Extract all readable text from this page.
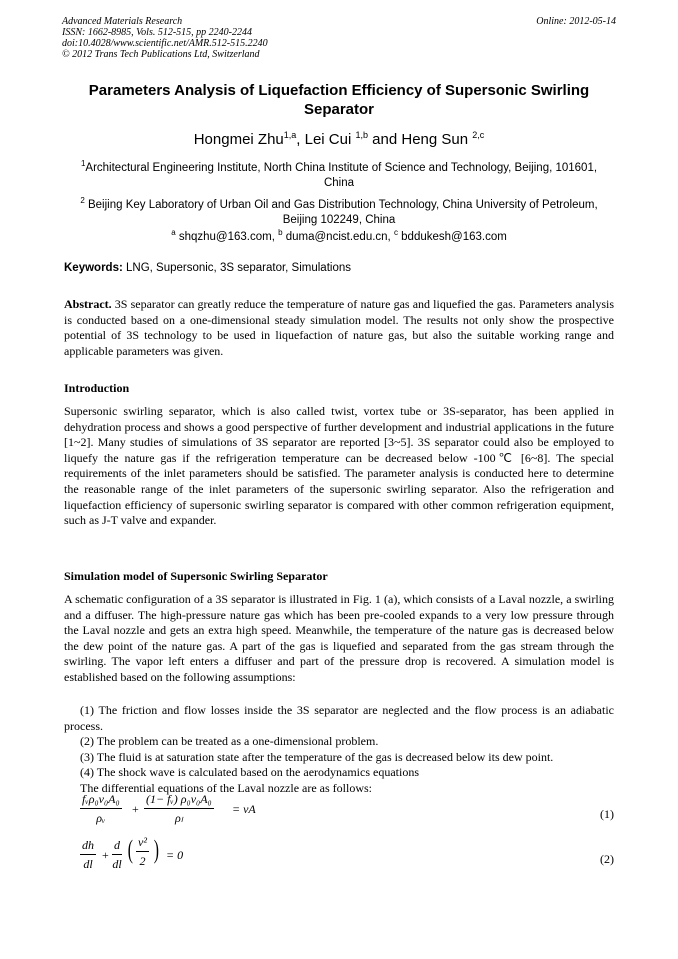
Advanced Materials Research
ISSN: 1662-8985, Vols. 512-515, pp 2240-2244
doi:10.4028/www.scientific.net/AMR.512-515.2240
© 2012 Trans Tech Publications Ltd, Switzerland
Online: 2012-05-14
Parameters Analysis of Liquefaction Efficiency of Supersonic Swirling Separator
Hongmei Zhu$^{1,a}$, Lei Cui $^{1,b}$ and Heng Sun $^{2,c}$
$^1$Architectural Engineering Institute, North China Institute of Science and Technology, Beijing, 101601, China
$^2$ Beijing Key Laboratory of Urban Oil and Gas Distribution Technology, China University of Petroleum, Beijing 102249, China
$^a$ shqzhu@163.com, $^b$ duma@ncist.edu.cn, $^c$ bddukesh@163.com
Keywords: LNG, Supersonic, 3S separator, Simulations
Abstract. 3S separator can greatly reduce the temperature of nature gas and liquefied the gas. Parameters analysis is conducted based on a one-dimensional steady simulation model. The results not only show the prospective potential of 3S technology to be used in liquefaction of nature gas, but also the suitable working range and applicable parameters was given.
Introduction
Supersonic swirling separator, which is also called twist, vortex tube or 3S-separator, has been applied in dehydration process and shows a good perspective of further development and industrial applications in the future [1~2]. Many studies of simulations of 3S separator are reported [3~5]. 3S separator could also be employed to liquefy the nature gas if the refrigeration temperature can be decreased below -100℃ [6~8]. The special requirements of the inlet parameters should be satisfied. The parameter analysis is conducted here to determine the reasonable range of the inlet parameters of the supersonic swirling separator. Also the refrigeration and liquefaction efficiency of supersonic swirling separator is compared with other common refrigeration equipment, such as J-T valve and expander.
Simulation model of Supersonic Swirling Separator
A schematic configuration of a 3S separator is illustrated in Fig. 1 (a), which consists of a Laval nozzle, a swirling and a diffuser. The high-pressure nature gas which has been pre-cooled expands to a very low pressure through the Laval nozzle and gets an extra high speed. Meanwhile, the temperature of the nature gas is decreased below the dew point of the nature gas. A part of the gas is liquefied and separated from the gas stream through the swirling. The vapor left enters a diffuser and part of the pressure drop is recovered. A simulation model is established based on the following assumptions:
(1) The friction and flow losses inside the 3S separator are neglected and the flow process is an adiabatic process.
(2) The problem can be treated as a one-dimensional problem.
(3) The fluid is at saturation state after the temperature of the gas is decreased below its dew point.
(4) The shock wave is calculated based on the aerodynamics equations
The differential equations of the Laval nozzle are as follows:
fᵥρ₀v₀A₀
ρᵥ
+ $\frac{\text{(1− fᵥ) ρ₀v₀A₀}}{\text{ρₗ}}$ = vA	(1)
$\frac{dh}{dl} + \frac{d}{dl}$ ( $\frac{\text{v²}}{2}$ ) = 0	(2)
